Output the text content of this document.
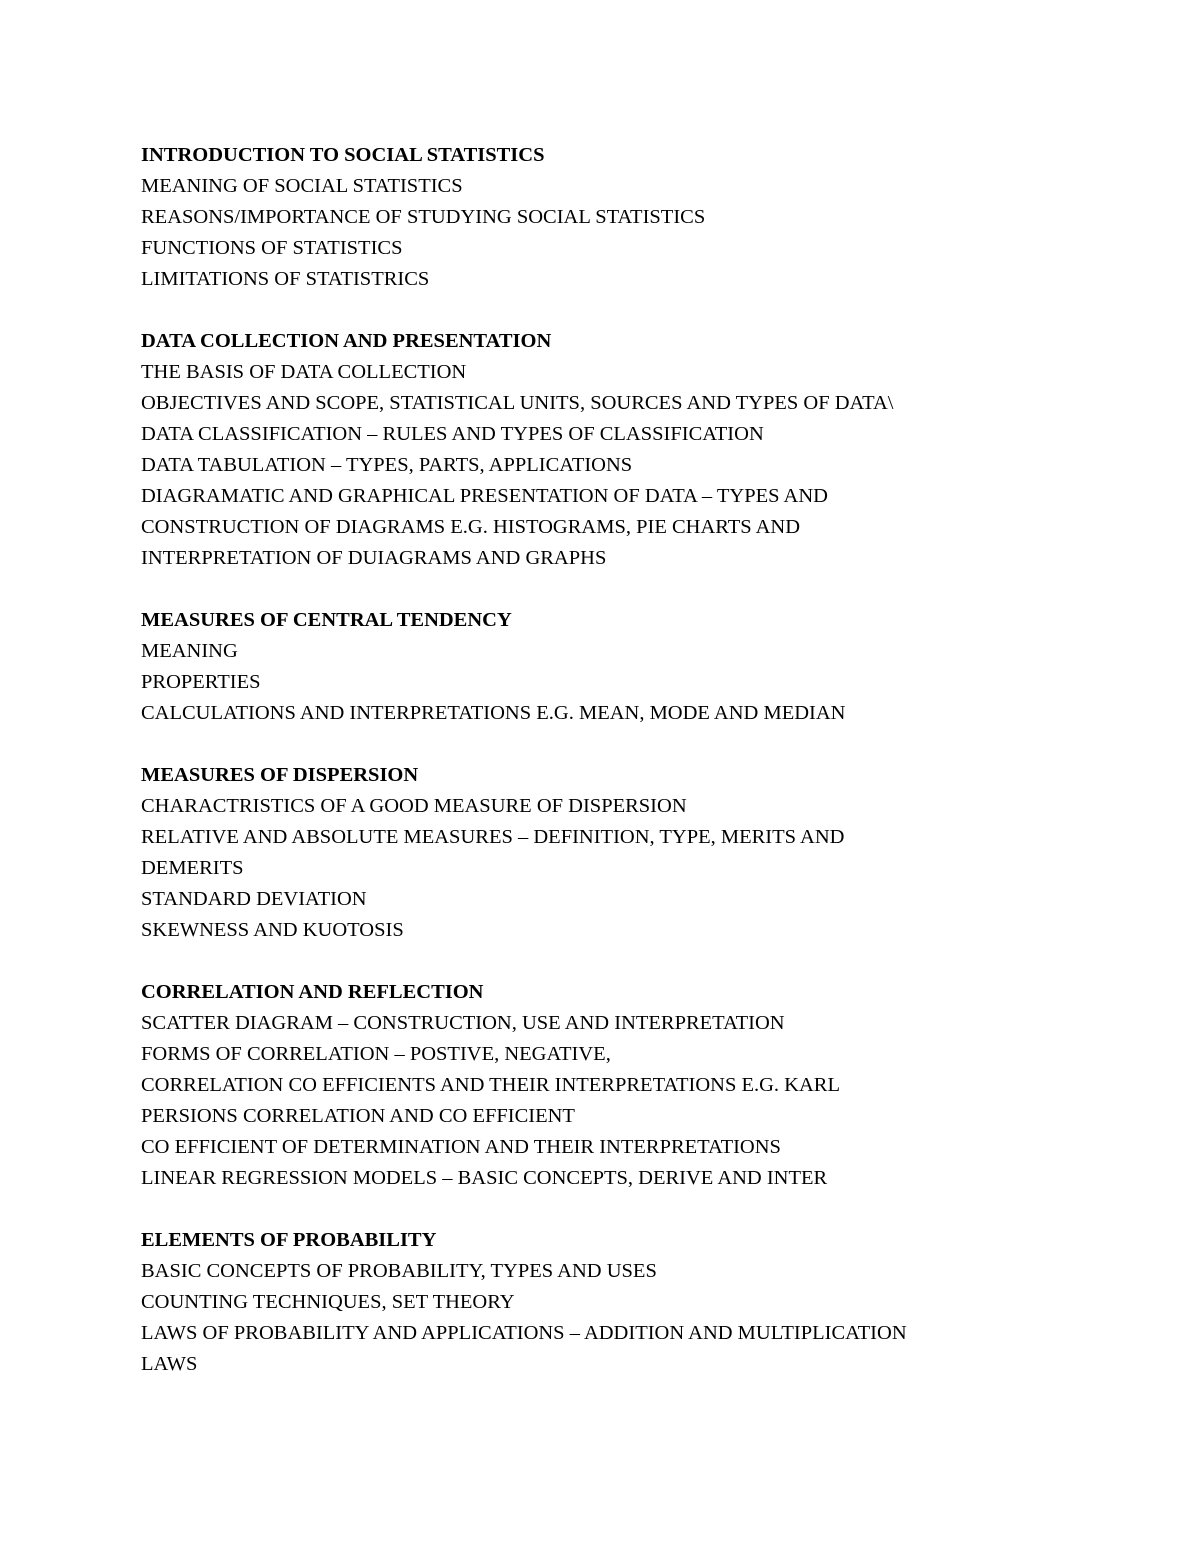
INTRODUCTION TO SOCIAL STATISTICS
MEANING OF SOCIAL STATISTICS
REASONS/IMPORTANCE OF STUDYING SOCIAL STATISTICS
FUNCTIONS OF STATISTICS
LIMITATIONS OF STATISTRICS
DATA COLLECTION AND PRESENTATION
THE BASIS OF DATA COLLECTION
OBJECTIVES AND SCOPE, STATISTICAL UNITS, SOURCES AND TYPES OF DATA\
DATA CLASSIFICATION – RULES AND TYPES OF CLASSIFICATION
DATA TABULATION – TYPES, PARTS, APPLICATIONS
DIAGRAMATIC AND GRAPHICAL PRESENTATION OF DATA – TYPES AND
CONSTRUCTION OF DIAGRAMS E.G. HISTOGRAMS, PIE CHARTS AND
INTERPRETATION OF DUIAGRAMS AND GRAPHS
MEASURES OF CENTRAL TENDENCY
MEANING
PROPERTIES
CALCULATIONS AND INTERPRETATIONS E.G. MEAN, MODE AND MEDIAN
MEASURES OF DISPERSION
CHARACTRISTICS OF A GOOD MEASURE OF DISPERSION
RELATIVE AND ABSOLUTE MEASURES – DEFINITION, TYPE, MERITS AND
DEMERITS
STANDARD DEVIATION
SKEWNESS AND KUOTOSIS
CORRELATION AND REFLECTION
SCATTER DIAGRAM – CONSTRUCTION, USE AND INTERPRETATION
FORMS OF CORRELATION – POSTIVE, NEGATIVE,
CORRELATION CO EFFICIENTS AND THEIR INTERPRETATIONS E.G. KARL
PERSIONS CORRELATION AND CO EFFICIENT
CO EFFICIENT OF DETERMINATION AND THEIR INTERPRETATIONS
LINEAR REGRESSION MODELS – BASIC CONCEPTS, DERIVE AND INTER
ELEMENTS OF PROBABILITY
BASIC CONCEPTS OF PROBABILITY, TYPES AND USES
COUNTING TECHNIQUES, SET THEORY
LAWS OF PROBABILITY AND APPLICATIONS – ADDITION AND MULTIPLICATION
LAWS
